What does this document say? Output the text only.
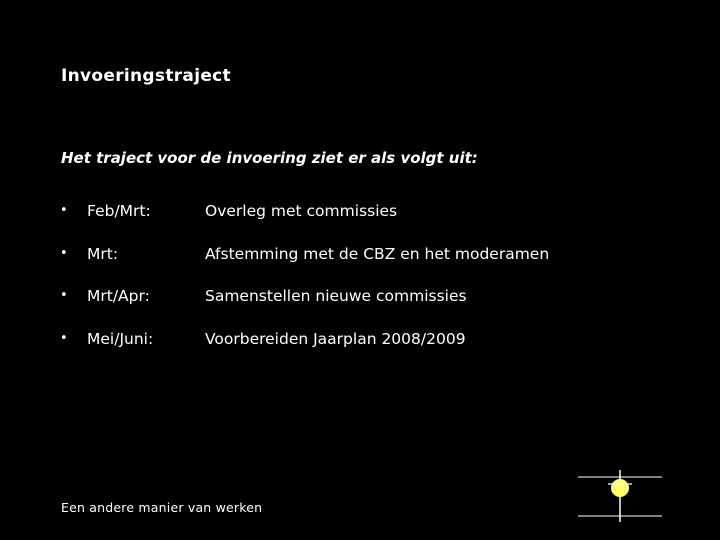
Invoeringstraject
Het traject voor de invoering ziet er als volgt uit:
•	Feb/Mrt:	Overleg met commissies
•	Mrt:	Afstemming met de CBZ en het moderamen
•	Mrt/Apr:	Samenstellen nieuwe commissies
•	Mei/Juni:	Voorbereiden Jaarplan 2008/2009
Een andere manier van werken
